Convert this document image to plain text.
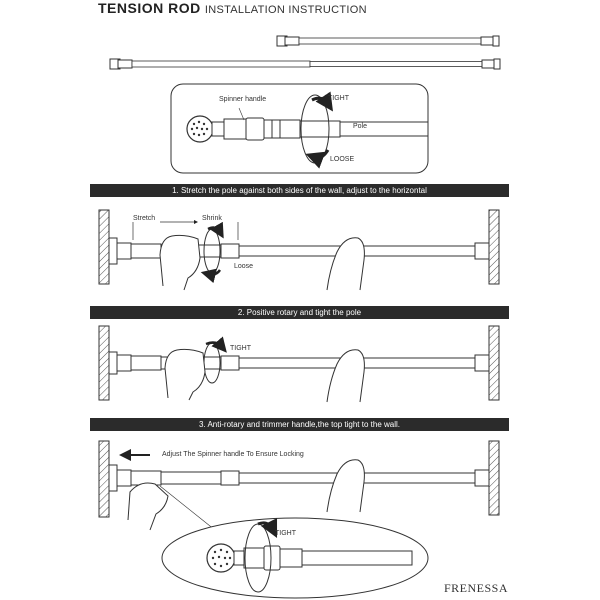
TENSION ROD INSTALLATION INSTRUCTION
Spinner handle
Pole
TIGHT
LOOSE
1. Stretch the pole against both sides of the wall, adjust to the horizontal
Stretch	Shrink
Loose
2. Positive rotary and tight the pole
TIGHT
3. Anti-rotary and trimmer handle,the top tight to the wall.
Adjust The Spinner handle To Ensure Locking
TIGHT
FRENESSA
